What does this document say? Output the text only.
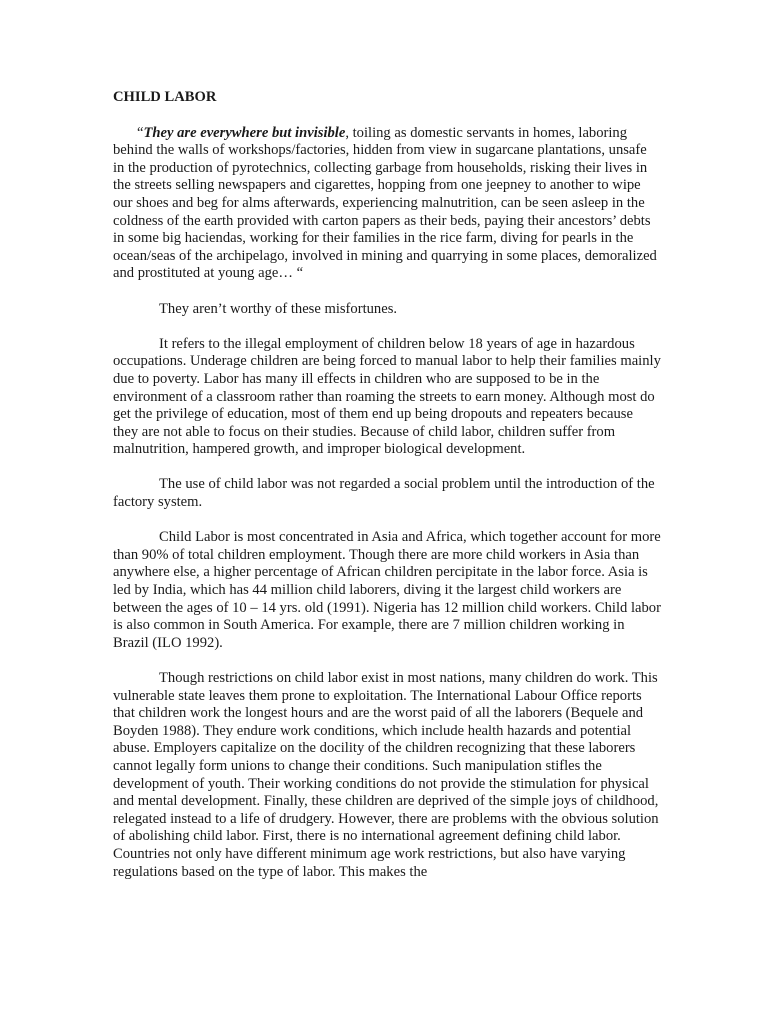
CHILD LABOR

“They are everywhere but invisible, toiling as domestic servants in homes, laboring behind the walls of workshops/factories, hidden from view in sugarcane plantations, unsafe in the production of pyrotechnics, collecting garbage from households, risking their lives in the streets selling newspapers and cigarettes, hopping from one jeepney to another to wipe our shoes and beg for alms afterwards, experiencing malnutrition, can be seen asleep in the coldness of the earth provided with carton papers as their beds, paying their ancestors’ debts in some big haciendas, working for their families in the rice farm, diving for pearls in the ocean/seas of the archipelago, involved in mining and quarrying in some places, demoralized and prostituted at young age… “

They aren’t worthy of these misfortunes.

It refers to the illegal employment of children below 18 years of age in hazardous occupations. Underage children are being forced to manual labor to help their families mainly due to poverty. Labor has many ill effects in children who are supposed to be in the environment of a classroom rather than roaming the streets to earn money. Although most do get the privilege of education, most of them end up being dropouts and repeaters because they are not able to focus on their studies. Because of child labor, children suffer from malnutrition, hampered growth, and improper biological development.

The use of child labor was not regarded a social problem until the introduction of the factory system.

Child Labor is most concentrated in Asia and Africa, which together account for more than 90% of total children employment. Though there are more child workers in Asia than anywhere else, a higher percentage of African children percipitate in the labor force. Asia is led by India, which has 44 million child laborers, diving it the largest child workers are between the ages of 10 – 14 yrs. old (1991). Nigeria has 12 million child workers. Child labor is also common in South America. For example, there are 7 million children working in Brazil (ILO 1992).

Though restrictions on child labor exist in most nations, many children do work. This vulnerable state leaves them prone to exploitation. The International Labour Office reports that children work the longest hours and are the worst paid of all the laborers (Bequele and Boyden 1988). They endure work conditions, which include health hazards and potential abuse. Employers capitalize on the docility of the children recognizing that these laborers cannot legally form unions to change their conditions. Such manipulation stifles the development of youth. Their working conditions do not provide the stimulation for physical and mental development. Finally, these children are deprived of the simple joys of childhood, relegated instead to a life of drudgery. However, there are problems with the obvious solution of abolishing child labor. First, there is no international agreement defining child labor. Countries not only have different minimum age work restrictions, but also have varying regulations based on the type of labor. This makes the
